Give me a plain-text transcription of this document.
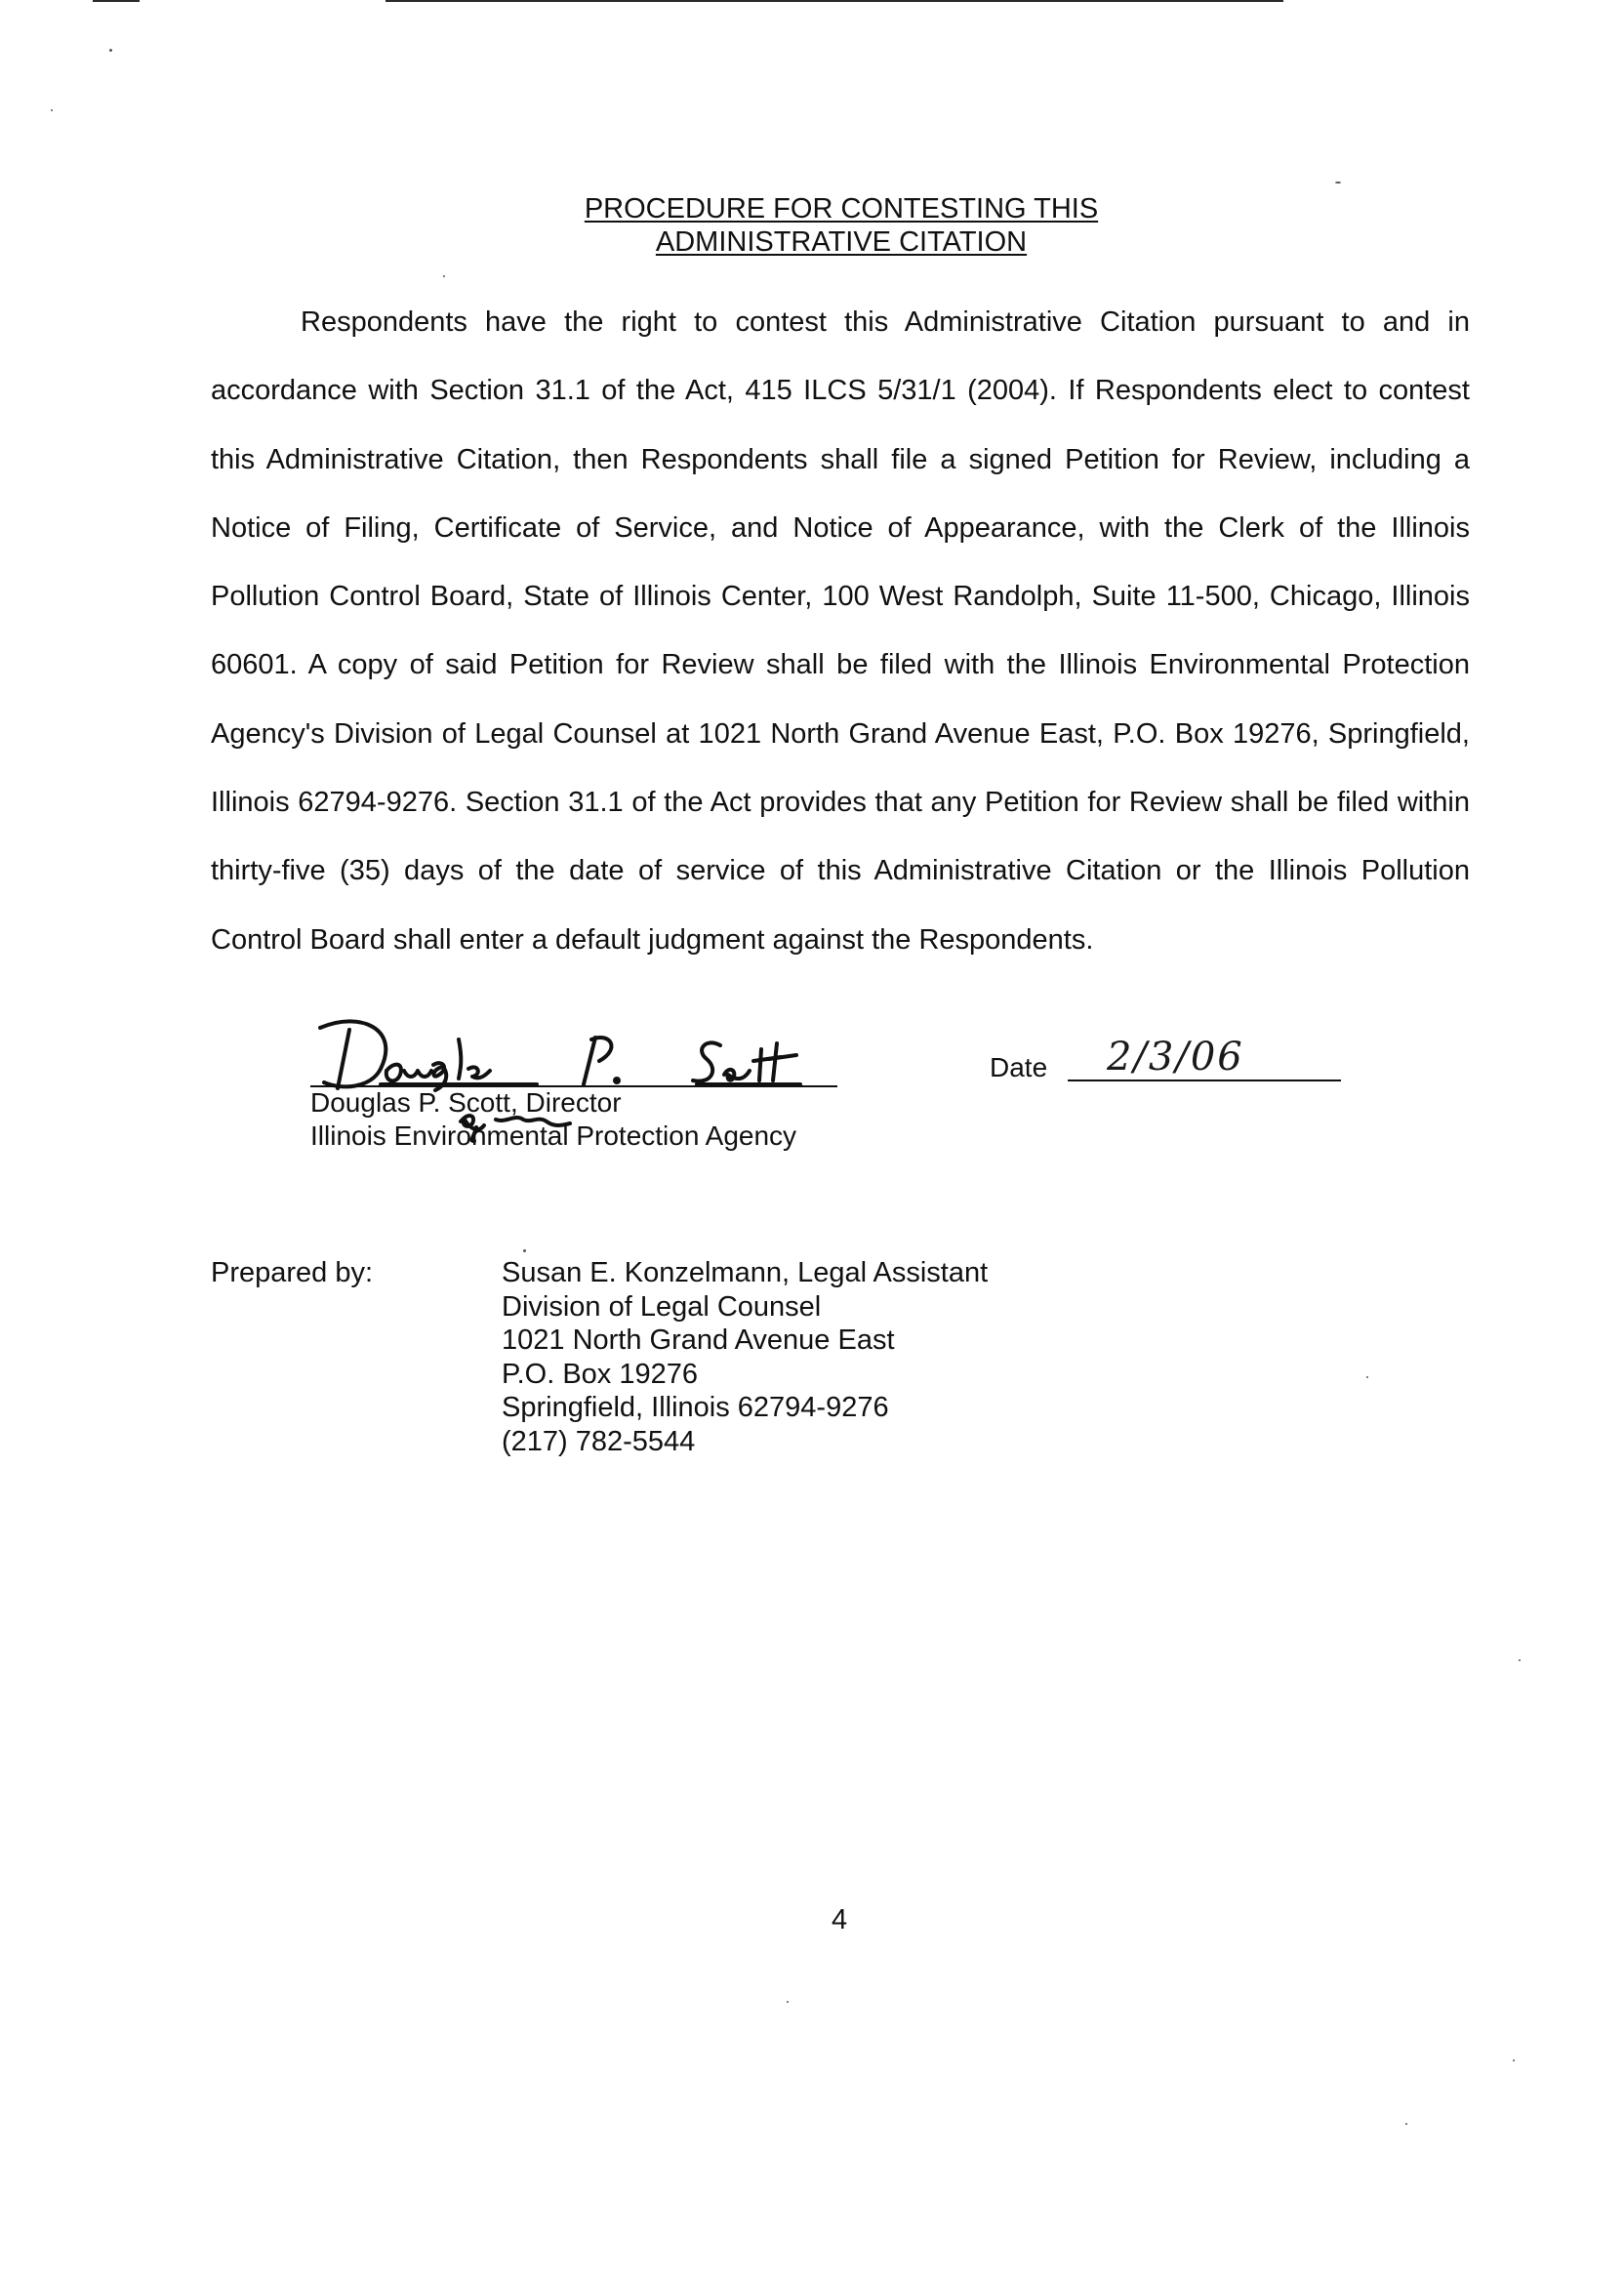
PROCEDURE FOR CONTESTING THIS
ADMINISTRATIVE CITATION

Respondents have the right to contest this Administrative Citation pursuant to and in accordance with Section 31.1 of the Act, 415 ILCS 5/31/1 (2004). If Respondents elect to contest this Administrative Citation, then Respondents shall file a signed Petition for Review, including a Notice of Filing, Certificate of Service, and Notice of Appearance, with the Clerk of the Illinois Pollution Control Board, State of Illinois Center, 100 West Randolph, Suite 11-500, Chicago, Illinois 60601. A copy of said Petition for Review shall be filed with the Illinois Environmental Protection Agency's Division of Legal Counsel at 1021 North Grand Avenue East, P.O. Box 19276, Springfield, Illinois 62794-9276. Section 31.1 of the Act provides that any Petition for Review shall be filed within thirty-five (35) days of the date of service of this Administrative Citation or the Illinois Pollution Control Board shall enter a default judgment against the Respondents.

Douglas P. Scott, Director
Illinois Environmental Protection Agency
Date 2/3/06
Prepared by:	Susan E. Konzelmann, Legal Assistant
Division of Legal Counsel
1021 North Grand Avenue East
P.O. Box 19276
Springfield, Illinois 62794-9276
(217) 782-5544
4
